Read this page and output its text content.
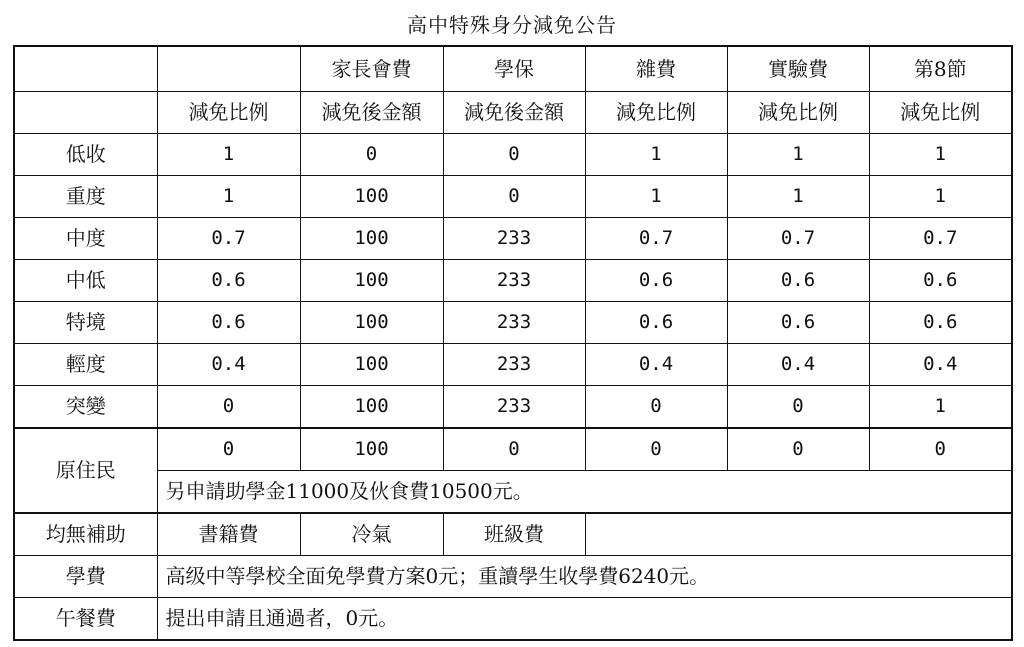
高中特殊身分減免公告
		家長會費	學保	雜費	實驗費	第8節
	減免比例	減免後金額	減免後金額	減免比例	減免比例	減免比例
低收	1	0	0	1	1	1
重度	1	100	0	1	1	1
中度	0.7	100	233	0.7	0.7	0.7
中低	0.6	100	233	0.6	0.6	0.6
特境	0.6	100	233	0.6	0.6	0.6
輕度	0.4	100	233	0.4	0.4	0.4
突變	0	100	233	0	0	1
原住民	0	100	0	0	0	0
	另申請助學金11000及伙食費10500元。					
均無補助	書籍費	冷氣	班級費			
學費	高级中等學校全面免學費方案0元；重讀學生收學費6240元。					
午餐費	提出申請且通過者，0元。					
